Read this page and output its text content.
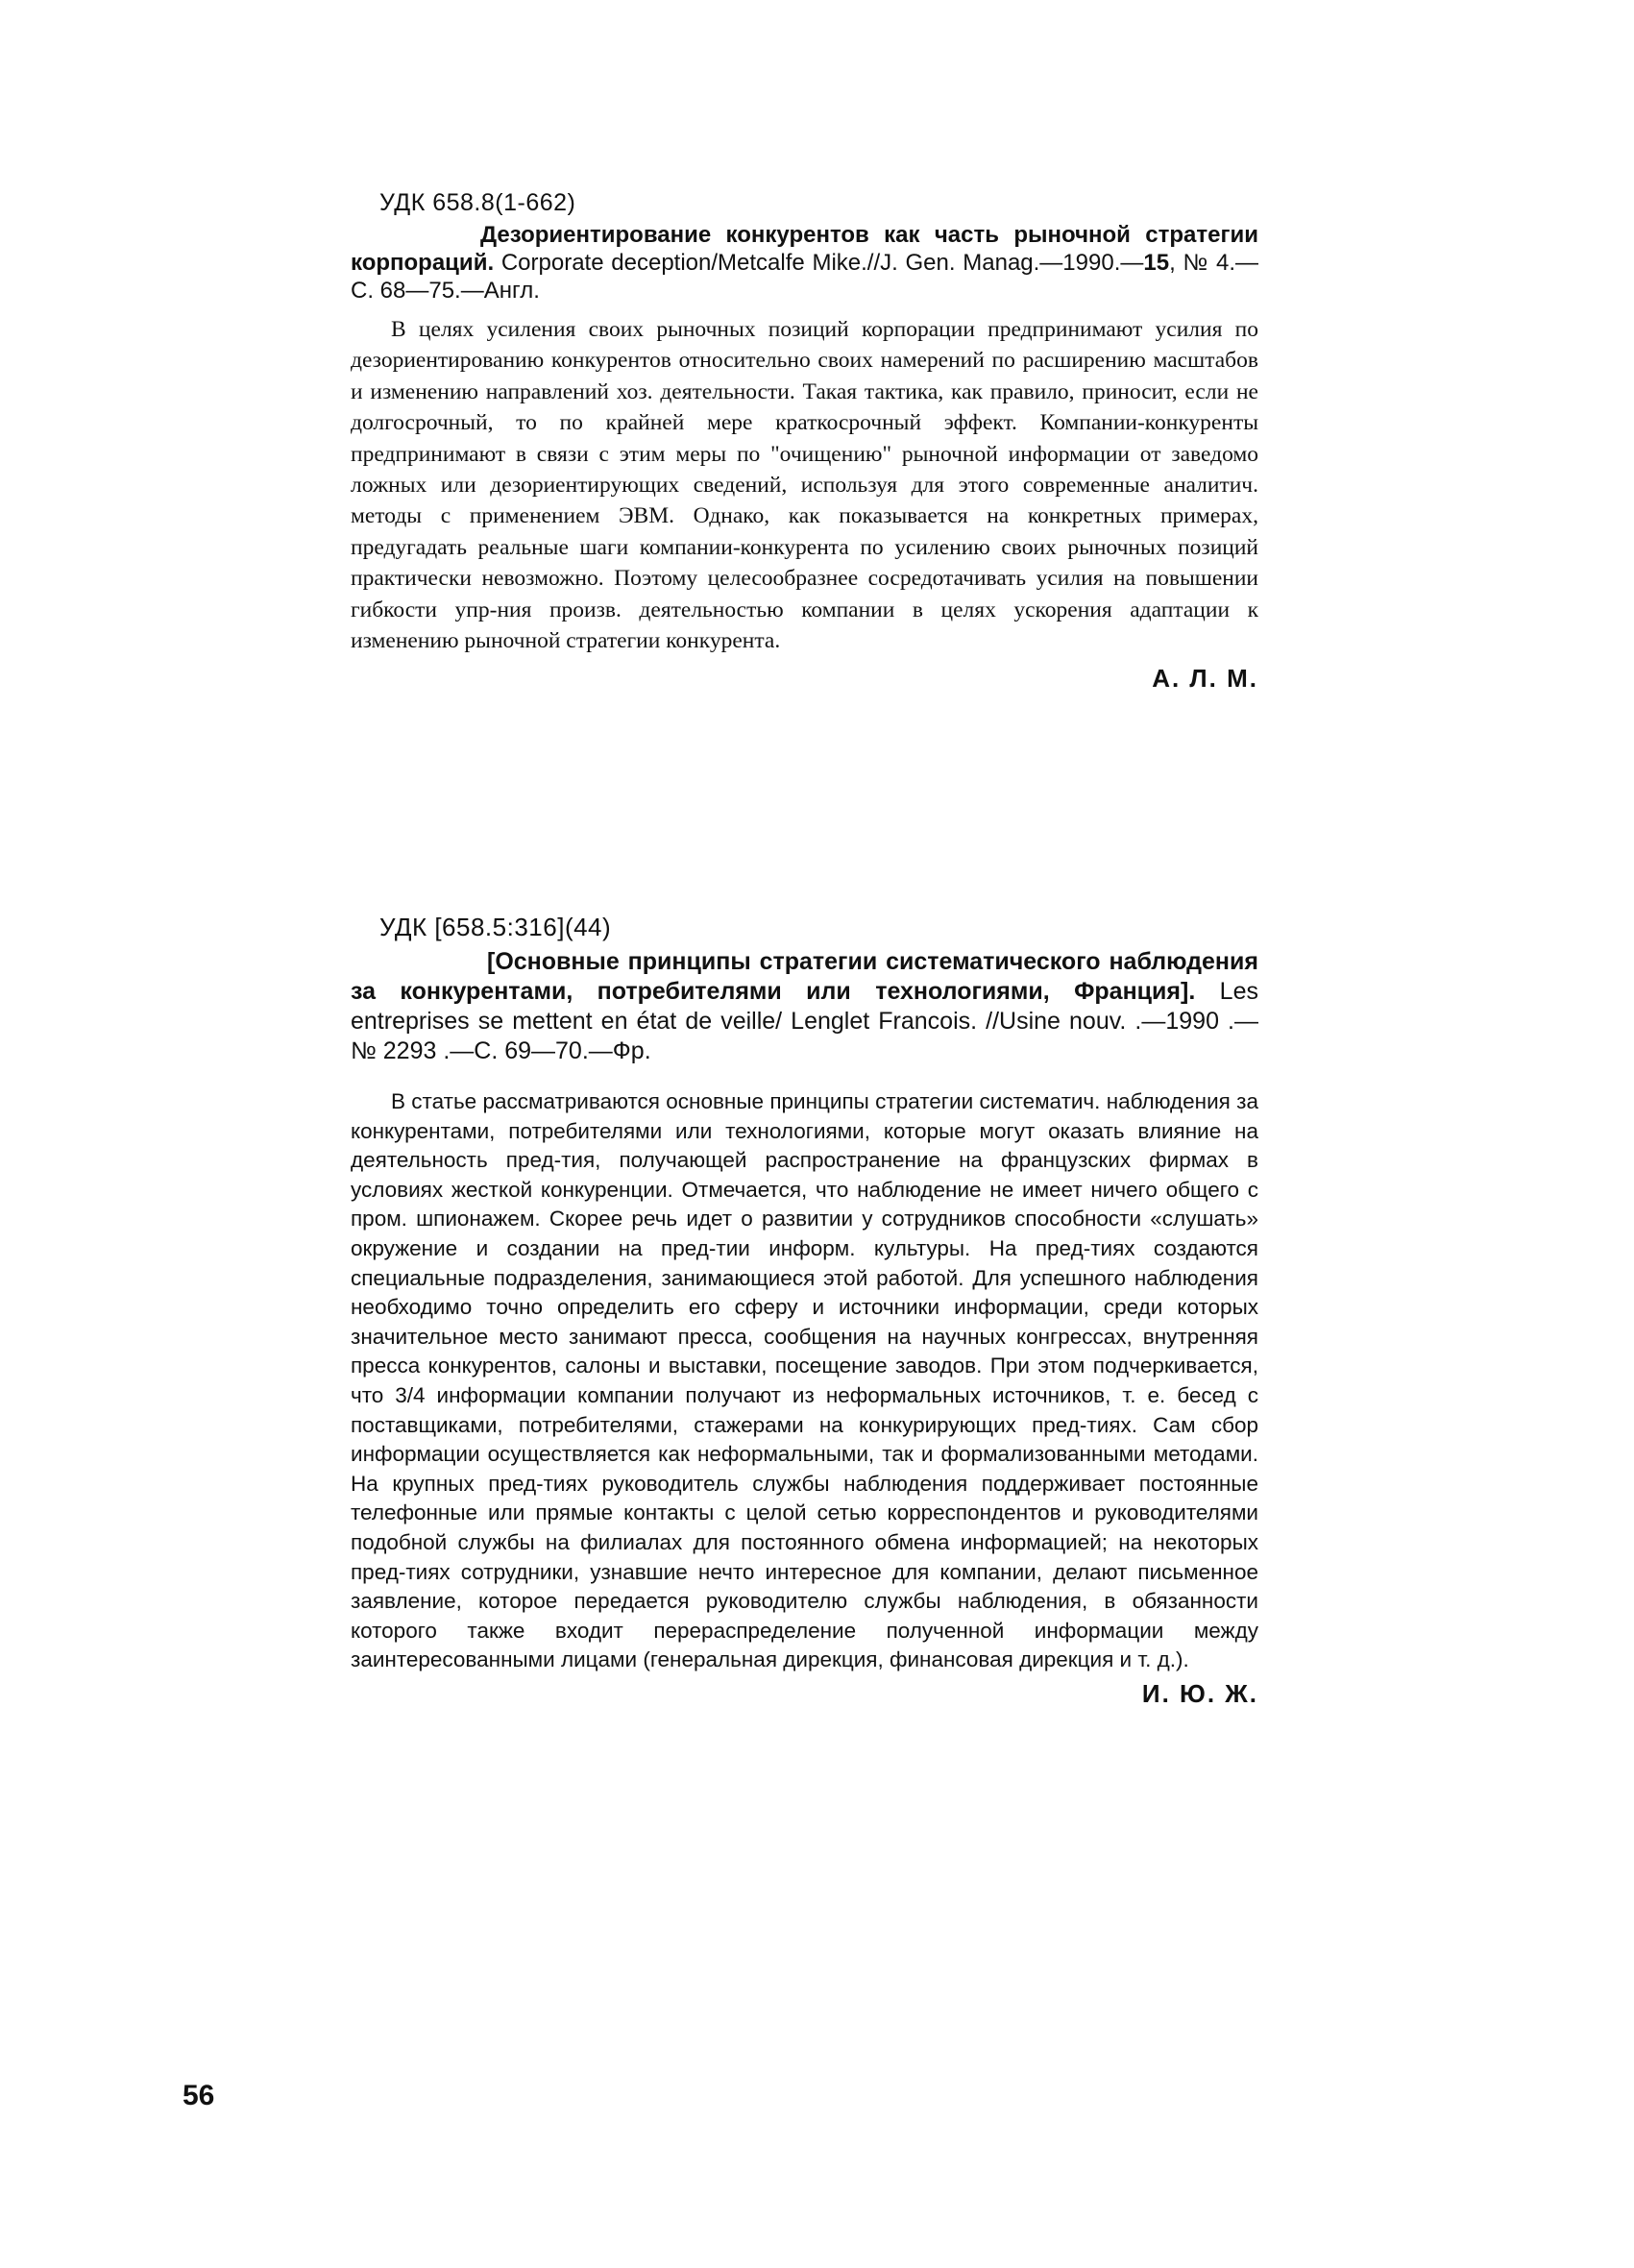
УДК 658.8(1-662)

Дезориентирование конкурентов как часть рыночной стратегии корпораций. Corporate deception/Metcalfe Mike.//J. Gen. Manag.—1990.—15, № 4.—С. 68—75.—Англ.

В целях усиления своих рыночных позиций корпорации предпринимают усилия по дезориентированию конкурентов относительно своих намерений по расширению масштабов и изменению направлений хоз. деятельности. Такая тактика, как правило, приносит, если не долгосрочный, то по крайней мере краткосрочный эффект. Компании-конкуренты предпринимают в связи с этим меры по "очищению" рыночной информации от заведомо ложных или дезориентирующих сведений, используя для этого современные аналитич. методы с применением ЭВМ. Однако, как показывается на конкретных примерах, предугадать реальные шаги компании-конкурента по усилению своих рыночных позиций практически невозможно. Поэтому целесообразнее сосредотачивать усилия на повышении гибкости упр-ния произв. деятельностью компании в целях ускорения адаптации к изменению рыночной стратегии конкурента.

А. Л. М.
УДК [658.5:316](44)

[Основные принципы стратегии систематического наблюдения за конкурентами, потребителями или технологиями, Франция]. Les entreprises se mettent en état de veille/ Lenglet Francois. //Usine nouv. .—1990 .—№ 2293 .—С. 69—70.—Фр.

В статье рассматриваются основные принципы стратегии систематич. наблюдения за конкурентами, потребителями или технологиями, которые могут оказать влияние на деятельность пред-тия, получающей распространение на французских фирмах в условиях жесткой конкуренции. Отмечается, что наблюдение не имеет ничего общего с пром. шпионажем. Скорее речь идет о развитии у сотрудников способности «слушать» окружение и создании на пред-тии информ. культуры. На пред-тиях создаются специальные подразделения, занимающиеся этой работой. Для успешного наблюдения необходимо точно определить его сферу и источники информации, среди которых значительное место занимают пресса, сообщения на научных конгрессах, внутренняя пресса конкурентов, салоны и выставки, посещение заводов. При этом подчеркивается, что 3/4 информации компании получают из неформальных источников, т. е. бесед с поставщиками, потребителями, стажерами на конкурирующих пред-тиях. Сам сбор информации осуществляется как неформальными, так и формализованными методами. На крупных пред-тиях руководитель службы наблюдения поддерживает постоянные телефонные или прямые контакты с целой сетью корреспондентов и руководителями подобной службы на филиалах для постоянного обмена информацией; на некоторых пред-тиях сотрудники, узнавшие нечто интересное для компании, делают письменное заявление, которое передается руководителю службы наблюдения, в обязанности которого также входит перераспределение полученной информации между заинтересованными лицами (генеральная дирекция, финансовая дирекция и т. д.).

И. Ю. Ж.
56
